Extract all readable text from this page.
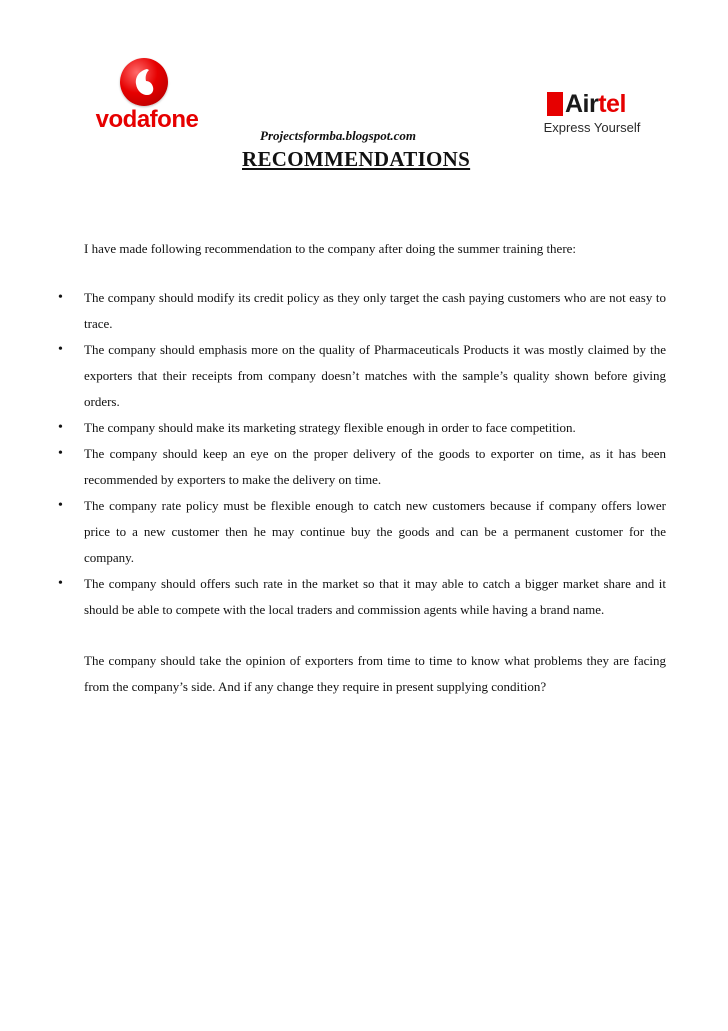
vodafone
Airtel
Express Yourself
Projectsformba.blogspot.com
RECOMMENDATIONS
I have made following recommendation to the company after doing the summer training there:
• The company should modify its credit policy as they only target the cash paying customers who are not easy to trace.
• The company should emphasis more on the quality of Pharmaceuticals Products it was mostly claimed by the exporters that their receipts from company doesn’t matches with the sample’s quality shown before giving orders.
• The company should make its marketing strategy flexible enough in order to face competition.
• The company should keep an eye on the proper delivery of the goods to exporter on time, as it has been recommended by exporters to make the delivery on time.
• The company rate policy must be flexible enough to catch new customers because if company offers lower price to a new customer then he may continue buy the goods and can be a permanent customer for the company.
• The company should offers such rate in the market so that it may able to catch a bigger market share and it should be able to compete with the local traders and commission agents while having a brand name.
The company should take the opinion of exporters from time to time to know what problems they are facing from the company’s side. And if any change they require in present supplying condition?
